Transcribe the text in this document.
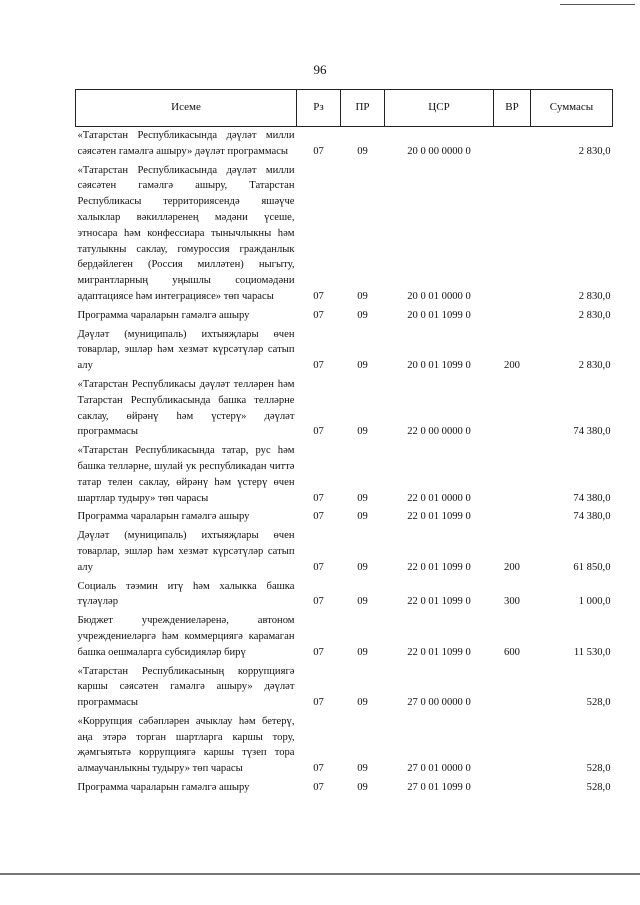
96
Исеме	Рз	ПР	ЦСР	ВР	Суммасы
«Татарстан Республикасында дәүләт милли сәясәтен гамәлгә ашыру» дәүләт программасы	07	09	20 0 00 0000 0		2 830,0
«Татарстан Республикасында дәүләт милли сәясәтен гамәлгә ашыру, Татарстан Республикасы территориясендә яшәүче халыклар вәкилләренең мәдәни үсеше, этносара һәм конфессиара тынычлыкны һәм татулыкны саклау, гомуроссия гражданлык бердәйлеген (Россия милләтен) ныгыту, мигрантларның уңышлы социомәдәни адаптациясе һәм интеграциясе» төп чарасы	07	09	20 0 01 0000 0		2 830,0
Программа чараларын гамәлгә ашыру	07	09	20 0 01 1099 0		2 830,0
Дәүләт (муниципаль) ихтыяҗлары өчен товарлар, эшләр һәм хезмәт күрсәтүләр сатып алу	07	09	20 0 01 1099 0	200	2 830,0
«Татарстан Республикасы дәүләт телләрен һәм Татарстан Республикасында башка телләрне саклау, өйрәнү һәм үстерү» дәүләт программасы	07	09	22 0 00 0000 0		74 380,0
«Татарстан Республикасында татар, рус һәм башка телләрне, шулай ук республикадан читтә татар телен саклау, өйрәнү һәм үстерү өчен шартлар тудыру» төп чарасы	07	09	22 0 01 0000 0		74 380,0
Программа чараларын гамәлгә ашыру	07	09	22 0 01 1099 0		74 380,0
Дәүләт (муниципаль) ихтыяҗлары өчен товарлар, эшләр һәм хезмәт күрсәтүләр сатып алу	07	09	22 0 01 1099 0	200	61 850,0
Социаль тәэмин итү һәм халыкка башка түләүләр	07	09	22 0 01 1099 0	300	1 000,0
Бюджет учреждениеләренә, автоном учреждениеләргә һәм коммерциягә карамаган башка оешмаларга субсидияләр бирү	07	09	22 0 01 1099 0	600	11 530,0
«Татарстан Республикасының коррупциягә каршы сәясәтен гамәлгә ашыру» дәүләт программасы	07	09	27 0 00 0000 0		528,0
«Коррупция сәбәпләрен ачыклау һәм бетерү, аңа этәрә торган шартларга каршы тору, җәмгыятьтә коррупциягә каршы түзеп тора алмаучанлыкны тудыру» төп чарасы	07	09	27 0 01 0000 0		528,0
Программа чараларын гамәлгә ашыру	07	09	27 0 01 1099 0		528,0
